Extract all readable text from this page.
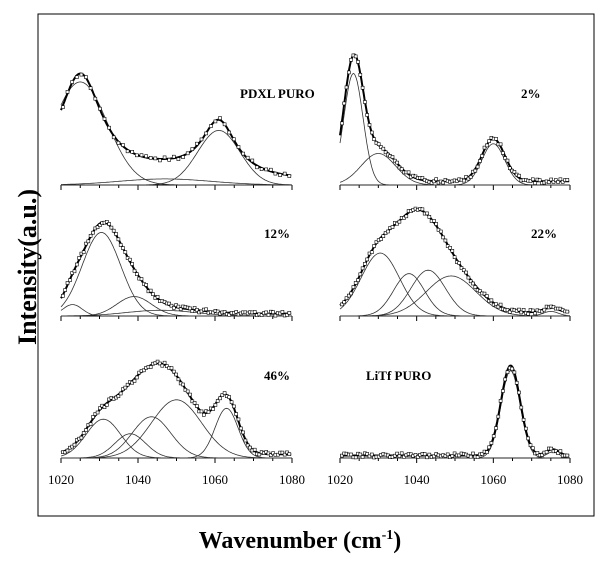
PDXL PURO	2%
12%	22%
46%	LiTf PURO
1020	1040	1060	1080 1020	1040	1060	1080
Intensity(a.u.)
Wavenumber $(cm^{-1})$
